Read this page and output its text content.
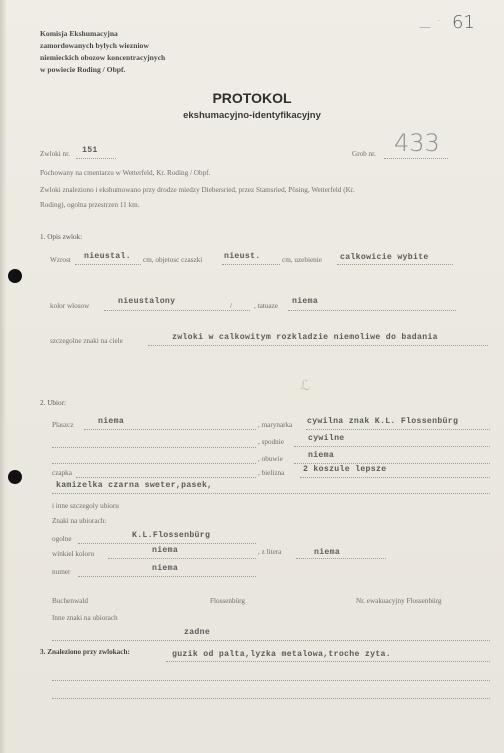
Komisja Ekshumacyjna
zamordowanych bylych wiezniow
niemieckich obozow koncentracyjnych
w powiecie Roding / Obpf.
— · 61
PROTOKOL
ekshumacyjno-identyfikacyjny
Zwloki nr. 151	Grob nr. 433
Pochowany na cmentarzu w Wetterfeld, Kr. Roding / Obpf.
Zwloki znaleziono i ekshumowano przy drodze miedzy Diebersried, przez Stamsried, Pösing, Wetterfeld (Kr.
Roding), ogolna przestrzen 11 km.
1. Opis zwlok:
Wzrost nieustal. cm, objetosc czaszki	nieust.	cm, uzebienie calkowicie wybite
kolor wlosow	nieustalony	/	, tatuaze niema
szczegolne znaki na ciele	zwloki w calkowitym rozkladzie niemoliwe do badania
ℒ
2. Ubior:
Plaszcz	niema	, marynarka cywilna znak K.L. Flossenbürg
, spodnie	cywilne
, obuwie	niema
czapka	, bielizna 2 koszule lepsze
kamizelka czarna sweter,pasek,
i inne szczegoly ubioru
Znaki na ubiorach:
ogolne	K.L.Flossenbürg
winkiel koloru	niema	, z litera	niema
numer	niema
Buchenwald	Flossenbürg	Nr. ewakuacyjny Flossenbürg
Inne znaki na ubiorach
zadne
3. Znaleziono przy zwlokach:	guzik od palta,lyzka metalowa,troche zyta.
